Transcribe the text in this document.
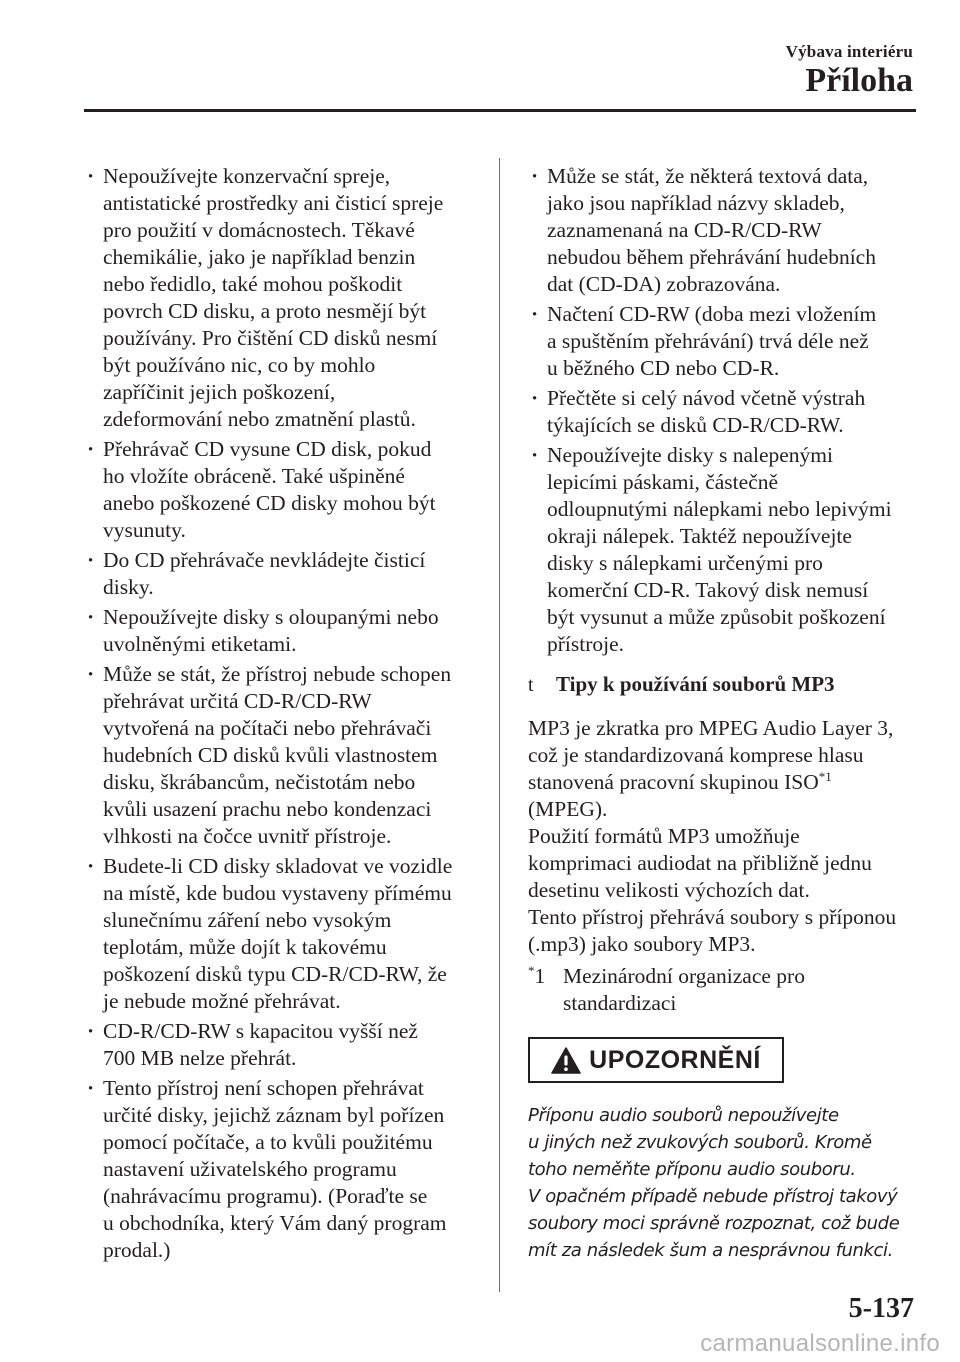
Výbava interiéru
Příloha
· Nepoužívejte konzervační spreje,
antistatické prostředky ani čisticí spreje
pro použití v domácnostech. Těkavé
chemikálie, jako je například benzin
nebo ředidlo, také mohou poškodit
povrch CD disku, a proto nesmějí být
používány. Pro čištění CD disků nesmí
být používáno nic, co by mohlo
zapříčinit jejich poškození,
zdeformování nebo zmatnění plastů.
· Přehrávač CD vysune CD disk, pokud
ho vložíte obráceně. Také ušpiněné
anebo poškozené CD disky mohou být
vysunuty.
· Do CD přehrávače nevkládejte čisticí
disky.
· Nepoužívejte disky s oloupanými nebo
uvolněnými etiketami.
· Může se stát, že přístroj nebude schopen
přehrávat určitá CD-R/CD-RW
vytvořená na počítači nebo přehrávači
hudebních CD disků kvůli vlastnostem
disku, škrábancům, nečistotám nebo
kvůli usazení prachu nebo kondenzaci
vlhkosti na čočce uvnitř přístroje.
· Budete-li CD disky skladovat ve vozidle
na místě, kde budou vystaveny přímému
slunečnímu záření nebo vysokým
teplotám, může dojít k takovému
poškození disků typu CD-R/CD-RW, že
je nebude možné přehrávat.
· CD-R/CD-RW s kapacitou vyšší než
700 MB nelze přehrát.
· Tento přístroj není schopen přehrávat
určité disky, jejichž záznam byl pořízen
pomocí počítače, a to kvůli použitému
nastavení uživatelského programu
(nahrávacímu programu). (Poraďte se
u obchodníka, který Vám daný program
prodal.)
· Může se stát, že některá textová data,
jako jsou například názvy skladeb,
zaznamenaná na CD-R/CD-RW
nebudou během přehrávání hudebních
dat (CD-DA) zobrazována.
· Načtení CD-RW (doba mezi vložením
a spuštěním přehrávání) trvá déle než
u běžného CD nebo CD-R.
· Přečtěte si celý návod včetně výstrah
týkajících se disků CD-R/CD-RW.
· Nepoužívejte disky s nalepenými
lepicími páskami, částečně
odloupnutými nálepkami nebo lepivými
okraji nálepek. Taktéž nepoužívejte
disky s nálepkami určenými pro
komerční CD-R. Takový disk nemusí
být vysunut a může způsobit poškození
přístroje.
t	Tipy k používání souborů MP3
MP3 je zkratka pro MPEG Audio Layer 3,
což je standardizovaná komprese hlasu
stanovená pracovní skupinou ISO$^{*1}$
(MPEG).
Použití formátů MP3 umožňuje
komprimaci audiodat na přibližně jednu
desetinu velikosti výchozích dat.
Tento přístroj přehrává soubory s příponou
(.mp3) jako soubory MP3.
*1 Mezinárodní organizace pro
standardizaci
UPOZORNĚNÍ
Příponu audio souborů nepoužívejte
u jiných než zvukových souborů. Kromě
toho neměňte příponu audio souboru.
V opačném případě nebude přístroj takový
soubory moci správně rozpoznat, což bude
mít za následek šum a nesprávnou funkci.
5-137
carmanualsonline.info
